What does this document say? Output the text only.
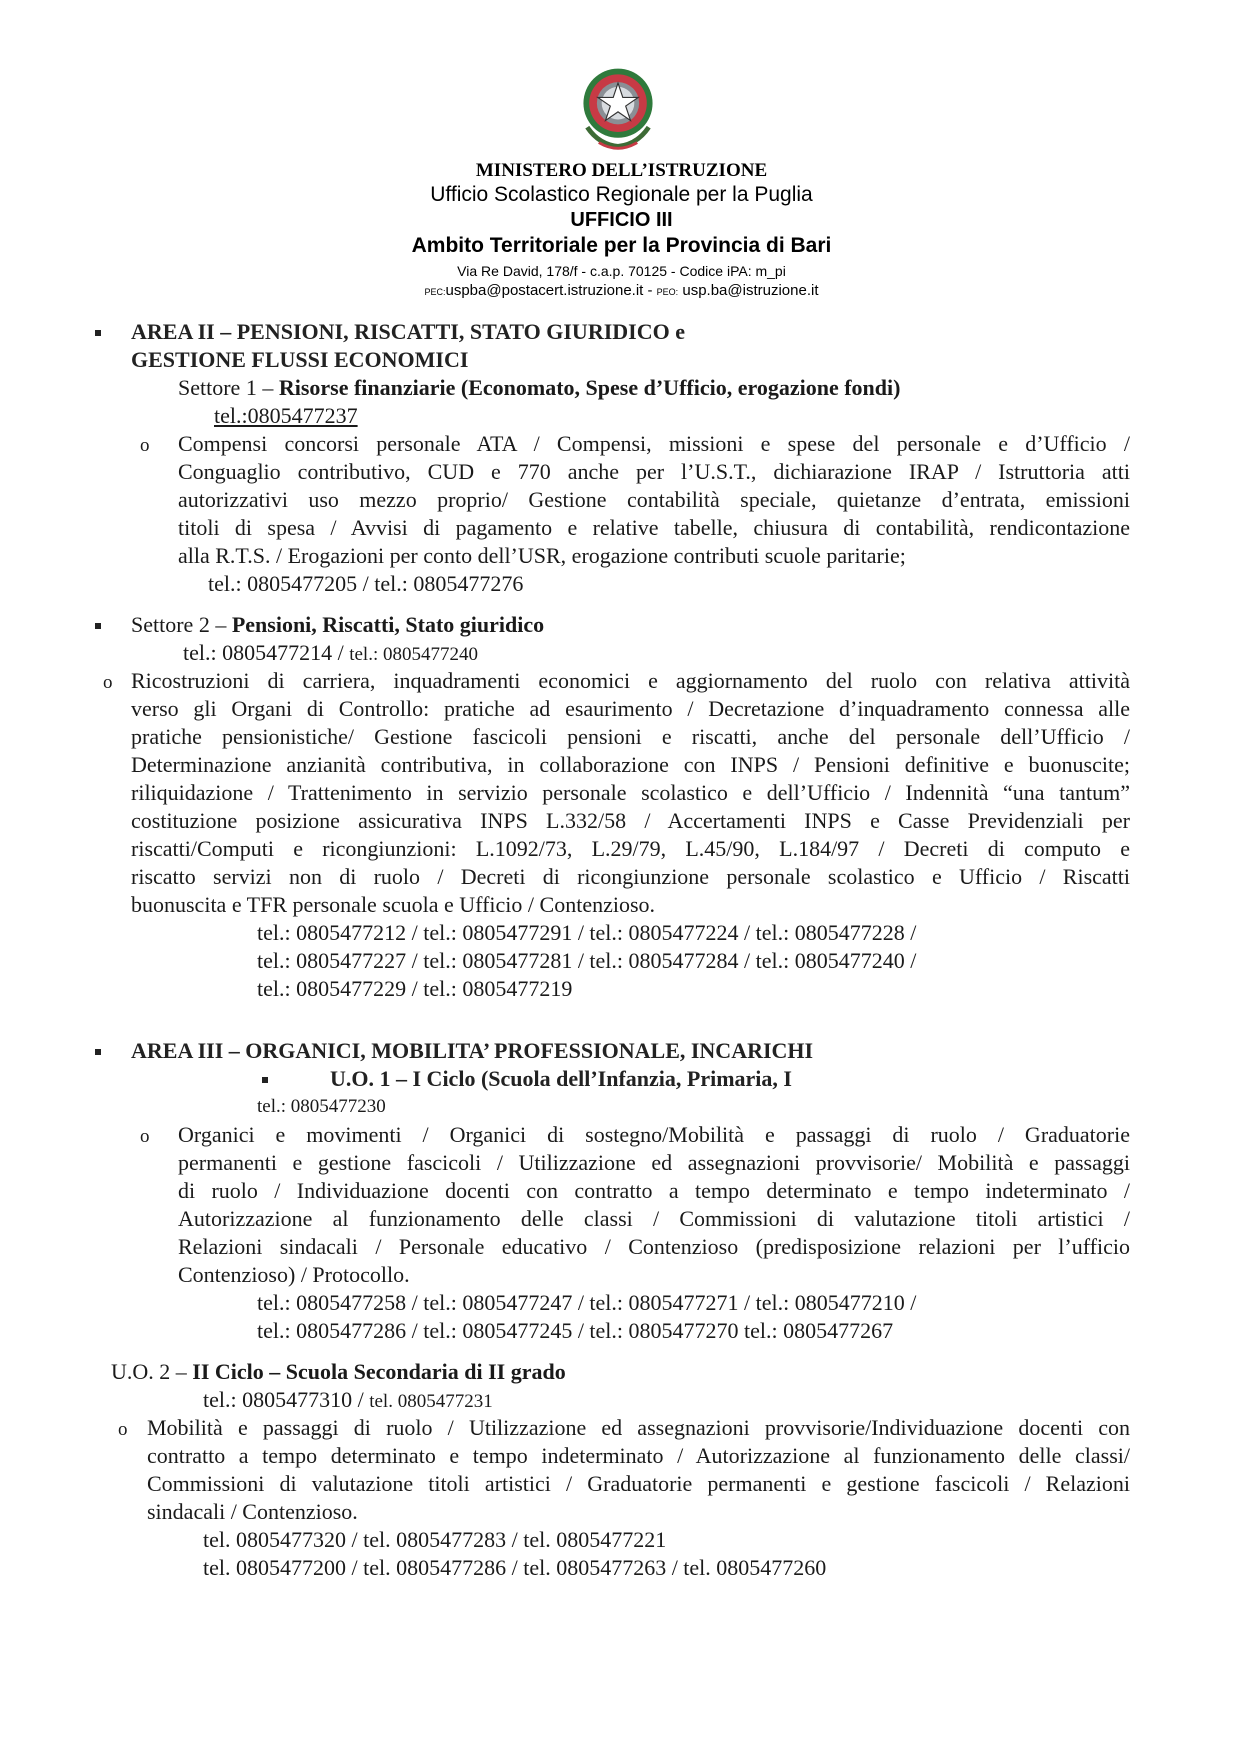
MINISTERO DELL’ISTRUZIONE
Ufficio Scolastico Regionale per la Puglia
UFFICIO III
Ambito Territoriale per la Provincia di Bari
Via Re David, 178/f - c.a.p. 70125 - Codice iPA: m_pi
PEC:uspba@postacert.istruzione.it - PEO: usp.ba@istruzione.it
AREA II – PENSIONI, RISCATTI, STATO GIURIDICO e
GESTIONE FLUSSI ECONOMICI
Settore 1 – Risorse finanziarie (Economato, Spese d’Ufficio, erogazione fondi)
tel.:0805477237
o Compensi concorsi personale ATA / Compensi, missioni e spese del personale e d’Ufficio /
Conguaglio contributivo, CUD e 770 anche per l’U.S.T., dichiarazione IRAP / Istruttoria atti
autorizzativi uso mezzo proprio/ Gestione contabilità speciale, quietanze d’entrata, emissioni
titoli di spesa / Avvisi di pagamento e relative tabelle, chiusura di contabilità, rendicontazione
alla R.T.S. / Erogazioni per conto dell’USR, erogazione contributi scuole paritarie;
tel.: 0805477205 / tel.: 0805477276
Settore 2 – Pensioni, Riscatti, Stato giuridico
tel.: 0805477214 / tel.: 0805477240
o Ricostruzioni di carriera, inquadramenti economici e aggiornamento del ruolo con relativa attività
verso gli Organi di Controllo: pratiche ad esaurimento / Decretazione d’inquadramento connessa alle
pratiche pensionistiche/ Gestione fascicoli pensioni e riscatti, anche del personale dell’Ufficio /
Determinazione anzianità contributiva, in collaborazione con INPS / Pensioni definitive e buonuscite;
riliquidazione / Trattenimento in servizio personale scolastico e dell’Ufficio / Indennità “una tantum”
costituzione posizione assicurativa INPS L.332/58 / Accertamenti INPS e Casse Previdenziali per
riscatti/Computi e ricongiunzioni: L.1092/73, L.29/79, L.45/90, L.184/97 / Decreti di computo e
riscatto servizi non di ruolo / Decreti di ricongiunzione personale scolastico e Ufficio / Riscatti
buonuscita e TFR personale scuola e Ufficio / Contenzioso.
tel.: 0805477212 / tel.: 0805477291 / tel.: 0805477224 / tel.: 0805477228 /
tel.: 0805477227 / tel.: 0805477281 / tel.: 0805477284 / tel.: 0805477240 /
tel.: 0805477229 / tel.: 0805477219
AREA III – ORGANICI, MOBILITA’ PROFESSIONALE, INCARICHI
U.O. 1 – I Ciclo (Scuola dell’Infanzia, Primaria, I
tel.: 0805477230
o Organici e movimenti / Organici di sostegno/Mobilità e passaggi di ruolo / Graduatorie
permanenti e gestione fascicoli / Utilizzazione ed assegnazioni provvisorie/ Mobilità e passaggi
di ruolo / Individuazione docenti con contratto a tempo determinato e tempo indeterminato /
Autorizzazione al funzionamento delle classi / Commissioni di valutazione titoli artistici /
Relazioni sindacali / Personale educativo / Contenzioso (predisposizione relazioni per l’ufficio
Contenzioso) / Protocollo.
tel.: 0805477258 / tel.: 0805477247 / tel.: 0805477271 / tel.: 0805477210 /
tel.: 0805477286 / tel.: 0805477245 / tel.: 0805477270 tel.: 0805477267
U.O. 2 – II Ciclo – Scuola Secondaria di II grado
tel.: 0805477310 / tel. 0805477231
o Mobilità e passaggi di ruolo / Utilizzazione ed assegnazioni provvisorie/Individuazione docenti con
contratto a tempo determinato e tempo indeterminato / Autorizzazione al funzionamento delle classi/
Commissioni di valutazione titoli artistici / Graduatorie permanenti e gestione fascicoli / Relazioni
sindacali / Contenzioso.
tel. 0805477320 / tel. 0805477283 / tel. 0805477221
tel. 0805477200 / tel. 0805477286 / tel. 0805477263 / tel. 0805477260
